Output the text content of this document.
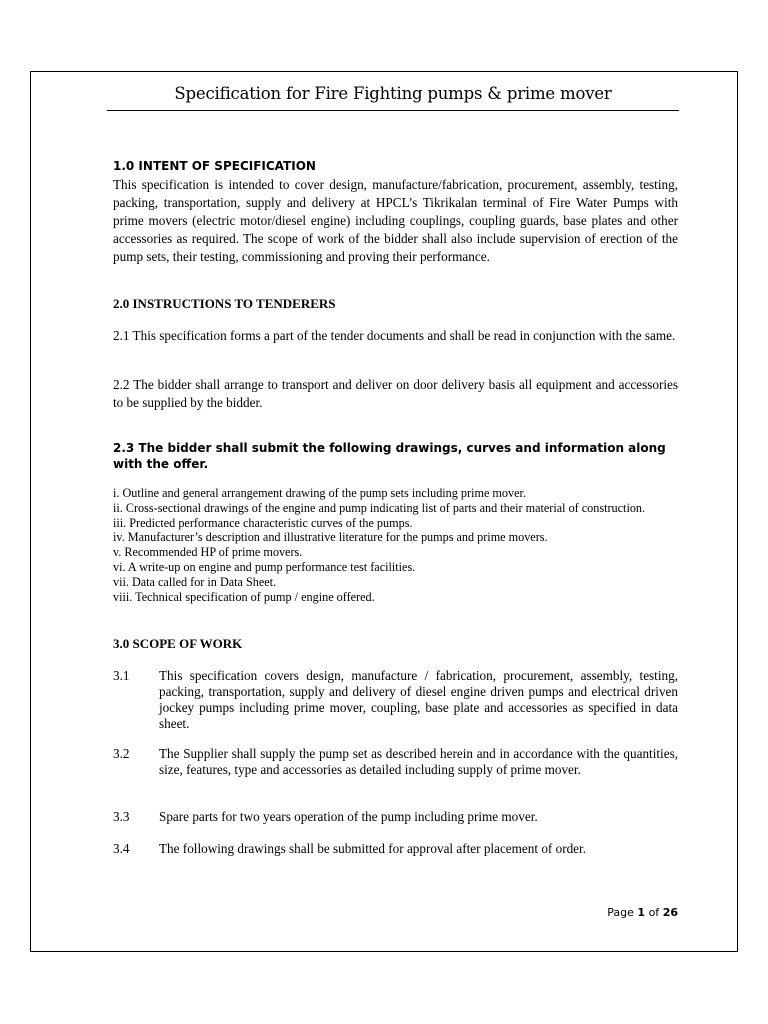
Specification for Fire Fighting pumps & prime mover
1.0 INTENT OF SPECIFICATION
This specification is intended to cover design, manufacture/fabrication, procurement, assembly, testing, packing, transportation, supply and delivery at HPCL’s Tikrikalan terminal of Fire Water Pumps with prime movers (electric motor/diesel engine) including couplings, coupling guards, base plates and other accessories as required. The scope of work of the bidder shall also include supervision of erection of the pump sets, their testing, commissioning and proving their performance.
2.0 INSTRUCTIONS TO TENDERERS
2.1 This specification forms a part of the tender documents and shall be read in conjunction with the same.
2.2 The bidder shall arrange to transport and deliver on door delivery basis all equipment and accessories to be supplied by the bidder.
2.3 The bidder shall submit the following drawings, curves and information along with the offer.
i. Outline and general arrangement drawing of the pump sets including prime mover.
ii. Cross-sectional drawings of the engine and pump indicating list of parts and their material of construction.
iii. Predicted performance characteristic curves of the pumps.
iv. Manufacturer’s description and illustrative literature for the pumps and prime movers.
v. Recommended HP of prime movers.
vi. A write-up on engine and pump performance test facilities.
vii. Data called for in Data Sheet.
viii. Technical specification of pump / engine offered.
3.0 SCOPE OF WORK
3.1 This specification covers design, manufacture / fabrication, procurement, assembly, testing, packing, transportation, supply and delivery of diesel engine driven pumps and electrical driven jockey pumps including prime mover, coupling, base plate and accessories as specified in data sheet.
3.2 The Supplier shall supply the pump set as described herein and in accordance with the quantities, size, features, type and accessories as detailed including supply of prime mover.
3.3 Spare parts for two years operation of the pump including prime mover.
3.4 The following drawings shall be submitted for approval after placement of order.
Page 1 of 26
